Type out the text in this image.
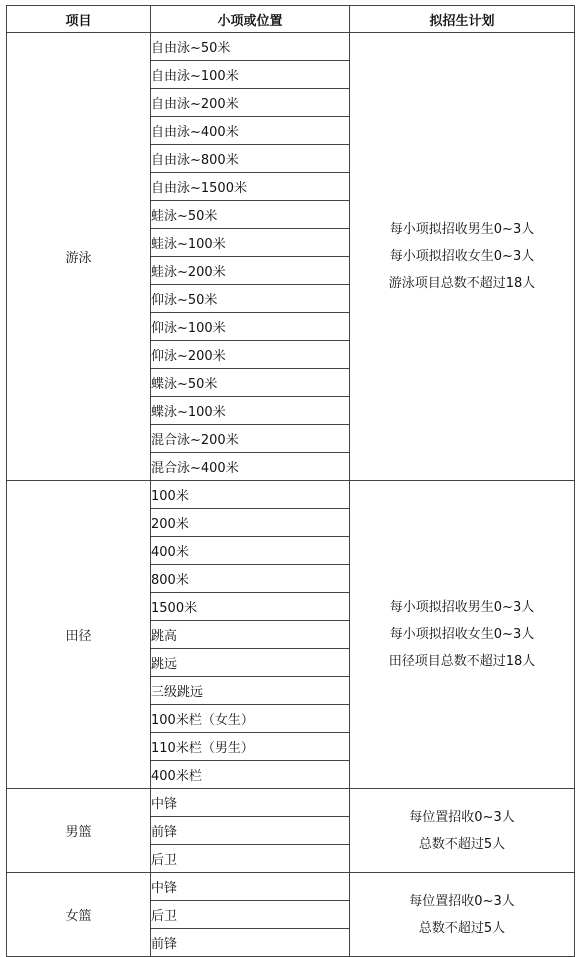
项目	小项或位置	拟招生计划
游泳	自由泳~50米	每小项拟招收男生0~3人
每小项拟招收女生0~3人
游泳项目总数不超过18人

	自由泳~100米	
	自由泳~200米	
	自由泳~400米	
	自由泳~800米	
	自由泳~1500米	
	蛙泳~50米	
	蛙泳~100米	
	蛙泳~200米	
	仰泳~50米	
	仰泳~100米	
	仰泳~200米	
	蝶泳~50米	
	蝶泳~100米	
	混合泳~200米	
	混合泳~400米	
田径	100米	每小项拟招收男生0~3人
每小项拟招收女生0~3人
田径项目总数不超过18人

	200米	
	400米	
	800米	
	1500米	
	跳高	
	跳远	
	三级跳远	
	100米栏（女生）	
	110米栏（男生）	
	400米栏	
男篮	中锋	每位置招收0~3人
总数不超过5人

	前锋	
	后卫	
女篮	中锋	每位置招收0~3人
总数不超过5人

	后卫	
	前锋	
